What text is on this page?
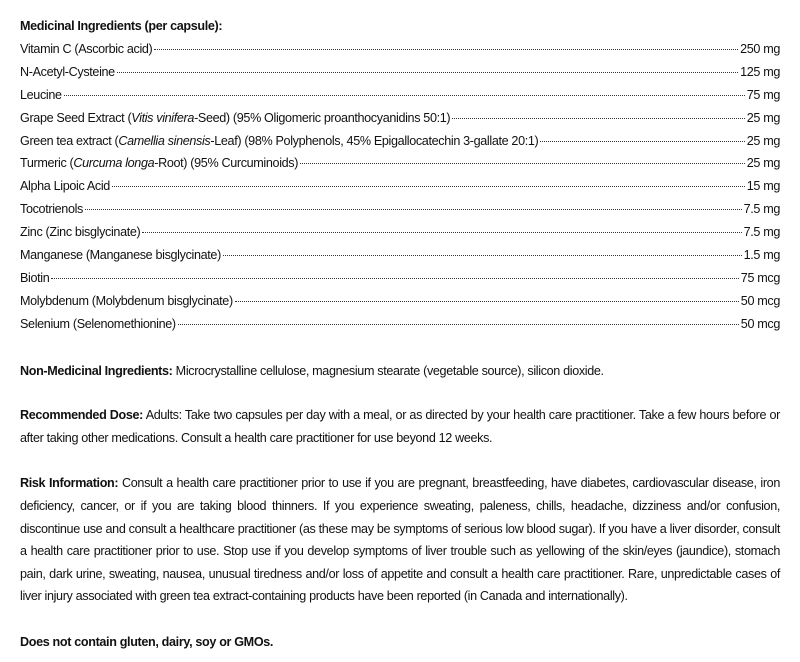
Medicinal Ingredients (per capsule):
Vitamin C (Ascorbic acid)	250 mg
N-Acetyl-Cysteine	125 mg
Leucine	75 mg
Grape Seed Extract (Vitis vinifera-Seed) (95% Oligomeric proanthocyanidins 50:1)	25 mg
Green tea extract (Camellia sinensis-Leaf) (98% Polyphenols, 45% Epigallocatechin 3-gallate 20:1)	25 mg
Turmeric (Curcuma longa-Root) (95% Curcuminoids)	25 mg
Alpha Lipoic Acid	15 mg
Tocotrienols	7.5 mg
Zinc (Zinc bisglycinate)	7.5 mg
Manganese (Manganese bisglycinate)	1.5 mg
Biotin	75 mcg
Molybdenum (Molybdenum bisglycinate)	50 mcg
Selenium (Selenomethionine)	50 mcg

Non-Medicinal Ingredients: Microcrystalline cellulose, magnesium stearate (vegetable source), silicon dioxide.

Recommended Dose: Adults: Take two capsules per day with a meal, or as directed by your health care practitioner. Take a few hours before or after taking other medications. Consult a health care practitioner for use beyond 12 weeks.

Risk Information: Consult a health care practitioner prior to use if you are pregnant, breastfeeding, have diabetes, cardiovascular disease, iron deficiency, cancer, or if you are taking blood thinners. If you experience sweating, paleness, chills, headache, dizziness and/or confusion, discontinue use and consult a healthcare practitioner (as these may be symptoms of serious low blood sugar). If you have a liver disorder, consult a health care practitioner prior to use. Stop use if you develop symptoms of liver trouble such as yellowing of the skin/eyes (jaundice), stomach pain, dark urine, sweating, nausea, unusual tiredness and/or loss of appetite and consult a health care practitioner. Rare, unpredictable cases of liver injury associated with green tea extract-containing products have been reported (in Canada and internationally).

Does not contain gluten, dairy, soy or GMOs.
